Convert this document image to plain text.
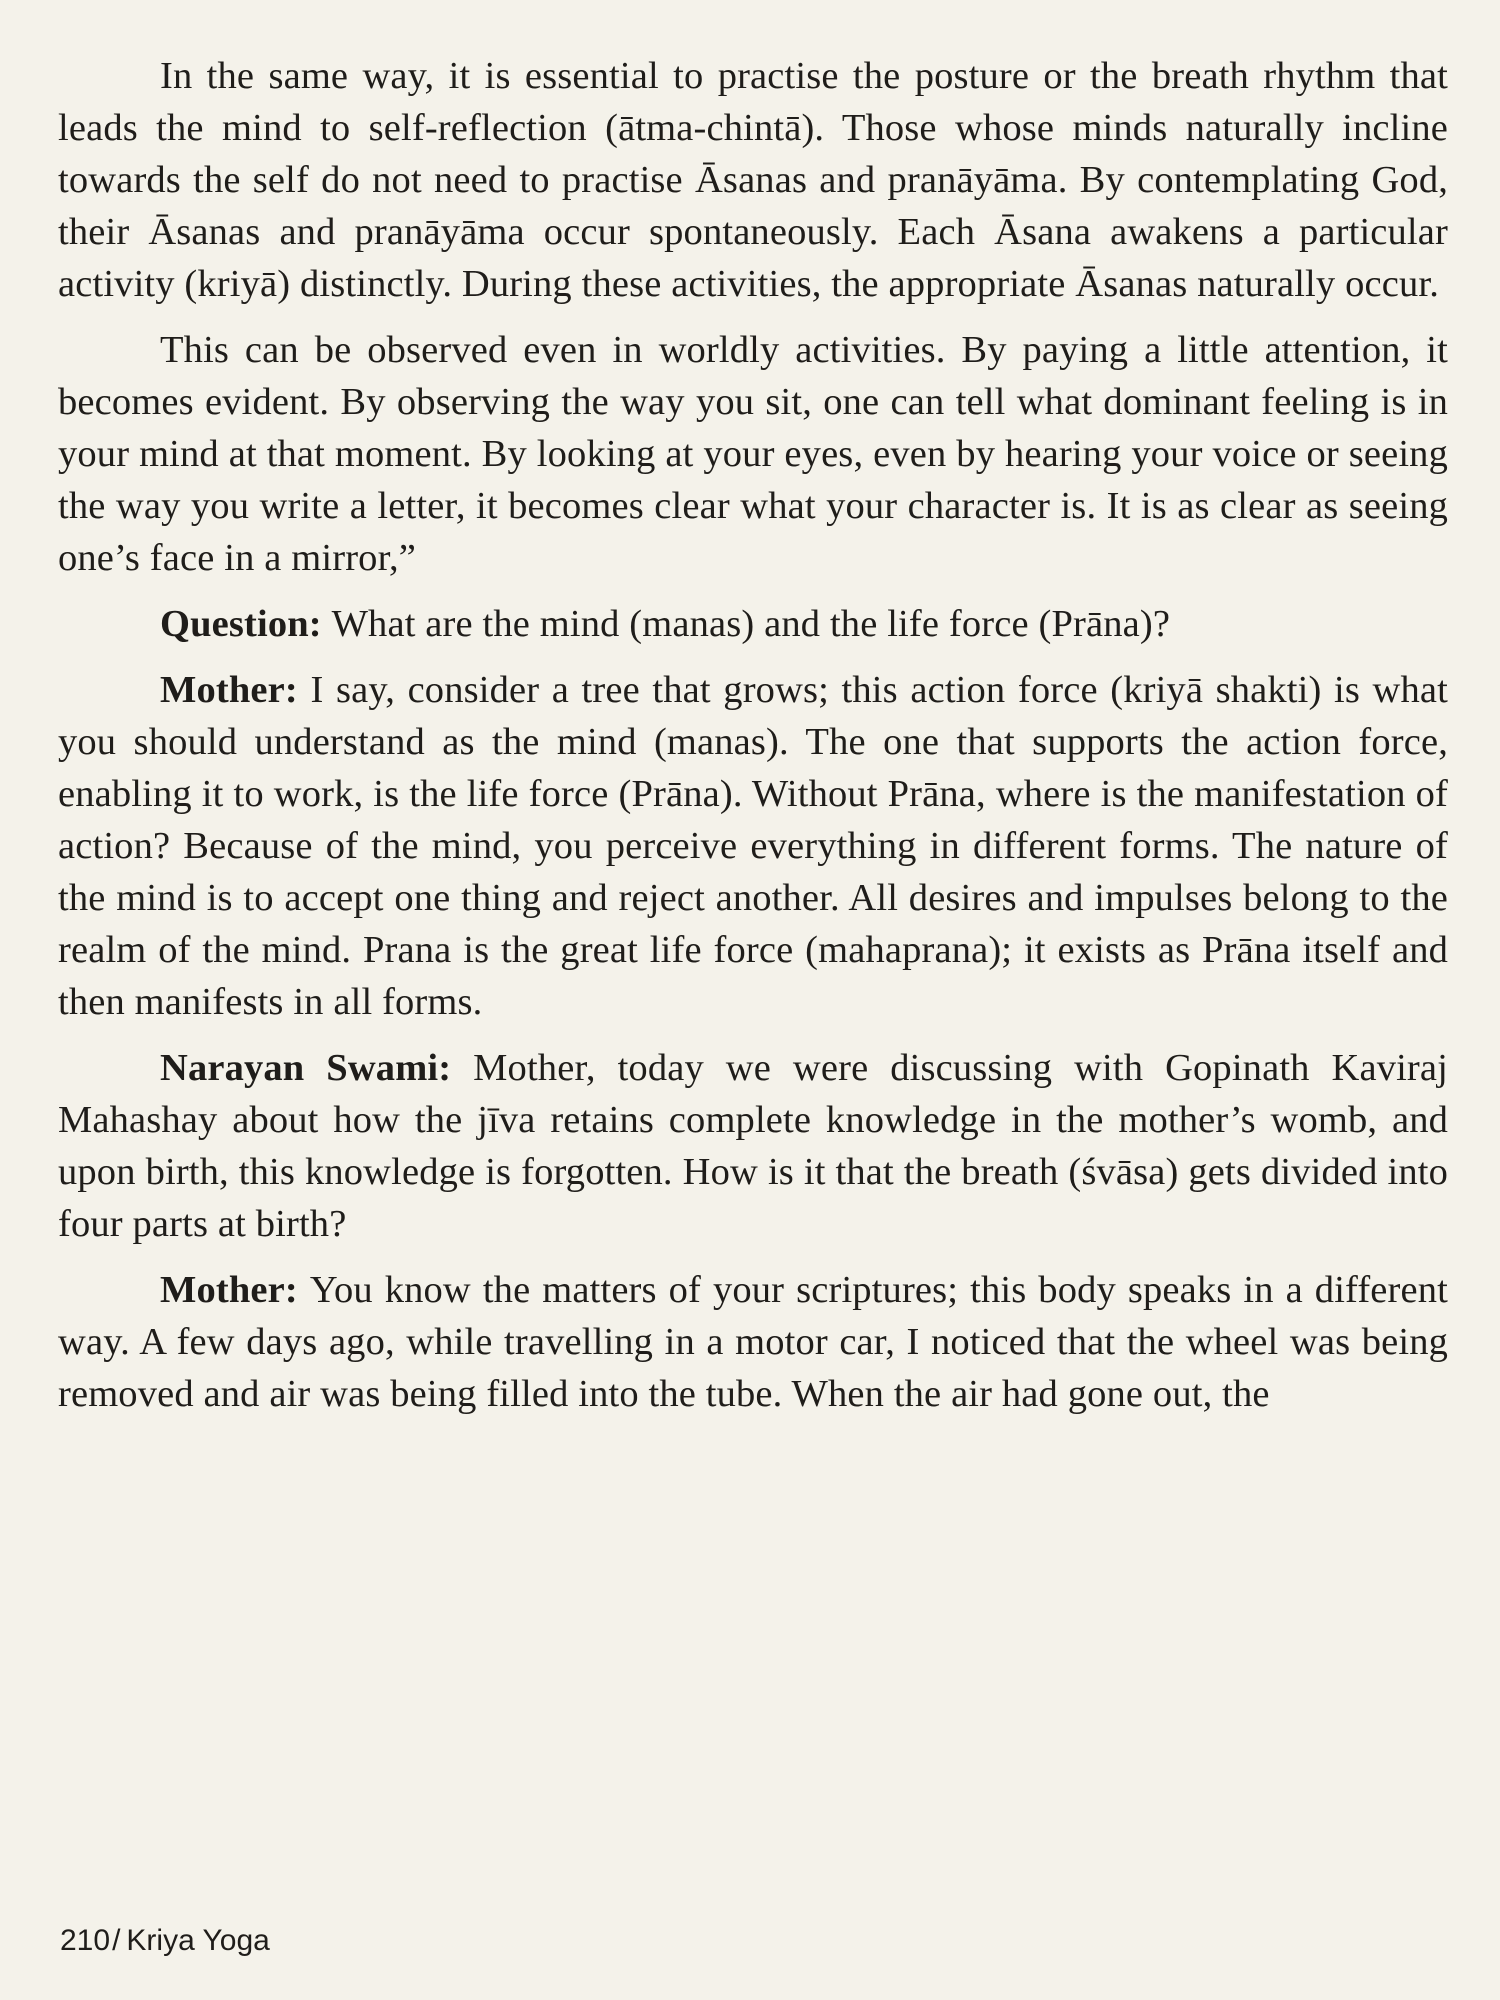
In the same way, it is essential to practise the posture or the breath rhythm that leads the mind to self-reflection (ātma-chintā). Those whose minds naturally incline towards the self do not need to practise Āsanas and pranāyāma. By contemplating God, their Āsanas and pranāyāma occur spontaneously. Each Āsana awakens a particular activity (kriyā) distinctly. During these activities, the appropriate Āsanas naturally occur.

This can be observed even in worldly activities. By paying a little attention, it becomes evident. By observing the way you sit, one can tell what dominant feeling is in your mind at that moment. By looking at your eyes, even by hearing your voice or seeing the way you write a letter, it becomes clear what your character is. It is as clear as seeing one’s face in a mirror,”

Question: What are the mind (manas) and the life force (Prāna)?

Mother: I say, consider a tree that grows; this action force (kriyā shakti) is what you should understand as the mind (manas). The one that supports the action force, enabling it to work, is the life force (Prāna). Without Prāna, where is the manifestation of action? Because of the mind, you perceive everything in different forms. The nature of the mind is to accept one thing and reject another. All desires and impulses belong to the realm of the mind. Prana is the great life force (mahaprana); it exists as Prāna itself and then manifests in all forms.

Narayan Swami: Mother, today we were discussing with Gopinath Kaviraj Mahashay about how the jīva retains complete knowledge in the mother’s womb, and upon birth, this knowledge is forgotten. How is it that the breath (śvāsa) gets divided into four parts at birth?

Mother: You know the matters of your scriptures; this body speaks in a different way. A few days ago, while travelling in a motor car, I noticed that the wheel was being removed and air was being filled into the tube. When the air had gone out, the

210/ Kriya Yoga
